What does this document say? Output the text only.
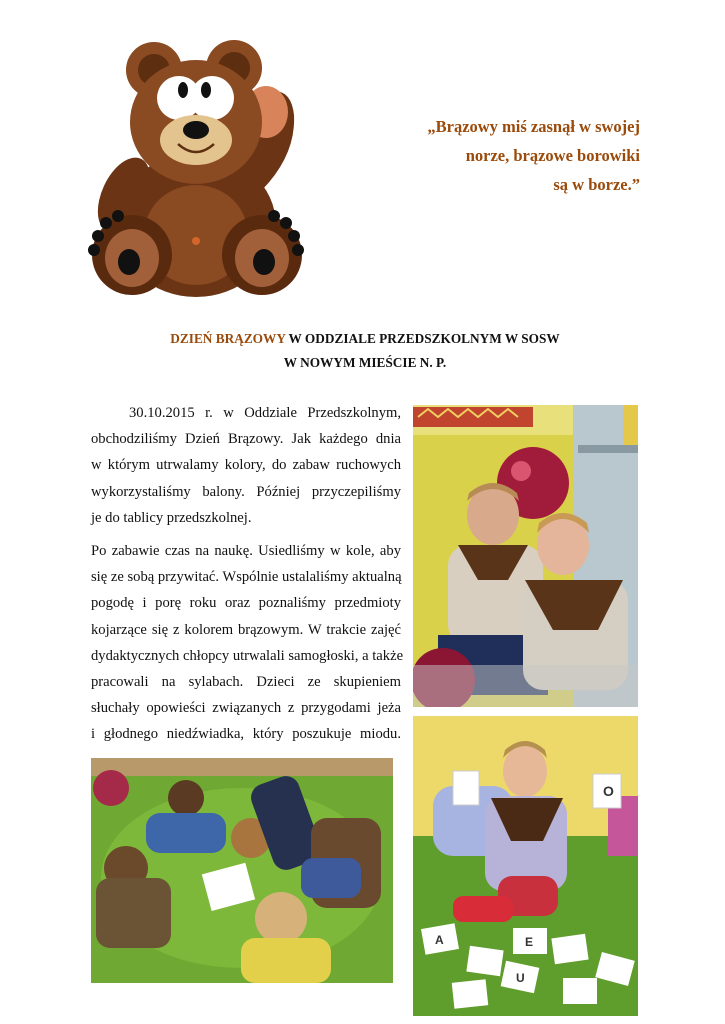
„Brązowy miś zasnął w swojej
norze, brązowe borowiki
są w borze.”
DZIEŃ BRĄZOWY W ODDZIALE PRZEDSZKOLNYM W SOSW
W NOWYM MIEŚCIE N. P.
30.10.2015 r. w Oddziale Przedszkolnym,
obchodziliśmy Dzień Brązowy. Jak każdego dnia
w którym utrwalamy kolory, do zabaw ruchowych
wykorzystaliśmy balony. Później przyczepiliśmy
je do tablicy przedszkolnej.
Po zabawie czas na naukę. Usiedliśmy w kole, aby
się ze sobą przywitać. Wspólnie ustalaliśmy aktualną
pogodę i porę roku oraz poznaliśmy przedmioty
kojarzące się z kolorem brązowym. W trakcie zajęć
dydaktycznych chłopcy utrwalali samogłoski, a także
pracowali na sylabach. Dzieci ze skupieniem
słuchały opowieści związanych z przygodami jeża
i głodnego niedźwiadka, który poszukuje miodu.
O
A	E
U
